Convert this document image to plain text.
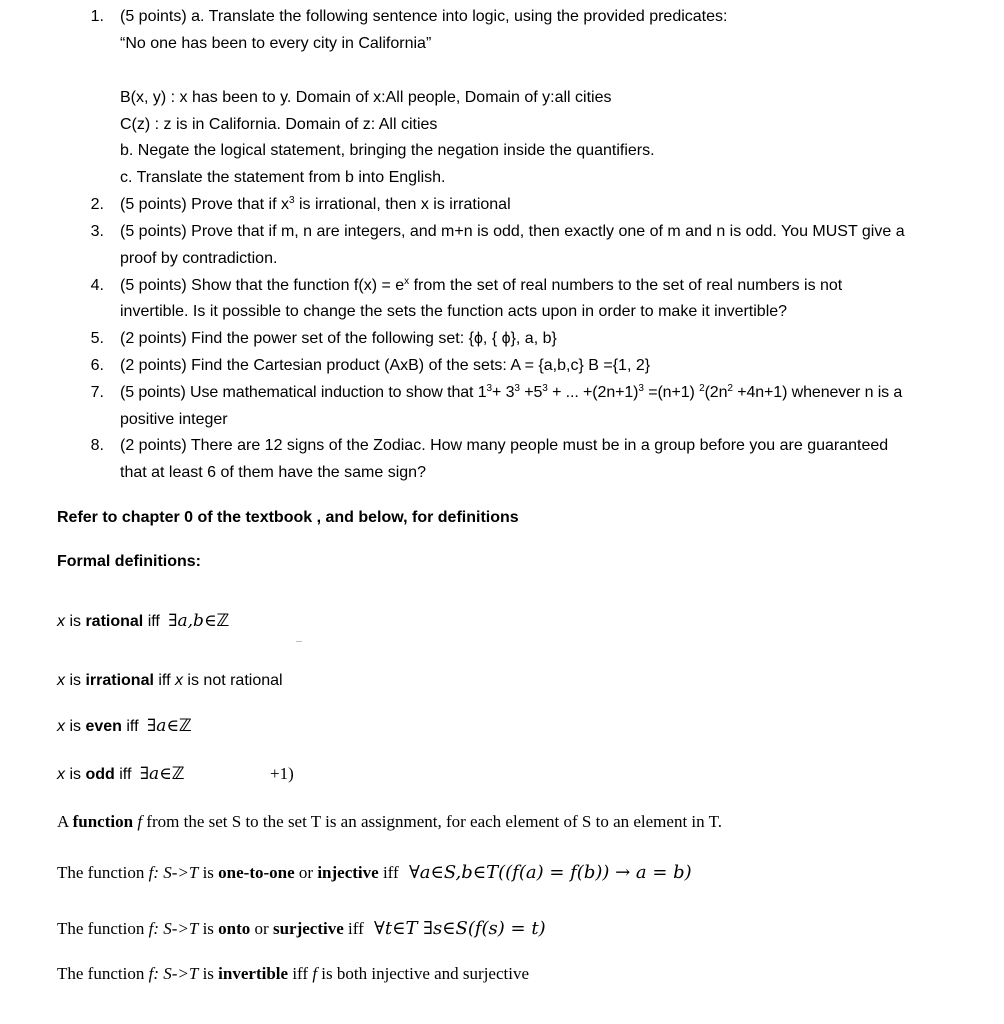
1. (5 points) a. Translate the following sentence into logic, using the provided predicates:
“No one has been to every city in California”
B(x, y) : x has been to y. Domain of x:All people, Domain of y:all cities
C(z) : z is in California. Domain of z: All cities
b. Negate the logical statement, bringing the negation inside the quantifiers.
c. Translate the statement from b into English.
2. (5 points) Prove that if $x^3$ is irrational, then x is irrational
3. (5 points) Prove that if m, n are integers, and m+n is odd, then exactly one of m and n is odd. You MUST give a
proof by contradiction.
4. (5 points) Show that the function $f(x) = e^x$ from the set of real numbers to the set of real numbers is not
invertible. Is it possible to change the sets the function acts upon in order to make it invertible?
5. (2 points) Find the power set of the following set: {ϕ, { ϕ}, a, b}
6. (2 points) Find the Cartesian product (AxB) of the sets: A = {a,b,c} B ={1, 2}
7. (5 points) Use mathematical induction to show that $1^3+ 3^3 +5^3$ + ... $+(2n+1)^3 =(n+1)$ $^2(2n^2 +4n+1)$ whenever n is a
positive integer
8. (2 points) There are 12 signs of the Zodiac. How many people must be in a group before you are guaranteed
that at least 6 of them have the same sign?
Refer to chapter 0 of the textbook , and below, for definitions
Formal definitions:
x is rational iff ∃a,b∈ℤ
x is irrational iff x is not rational
x is even iff ∃a∈ℤ
x is odd iff ∃a∈ℤ	+1)
A function f from the set S to the set T is an assignment, for each element of S to an element in T.
The function f: S->T is one-to-one or injective iff ∀a∈S,b∈T((f(a) = f(b)) → a = b)
The function f: S->T is onto or surjective iff ∀t∈T ∃s∈S(f(s) = t)
The function f: S->T is invertible iff f is both injective and surjective
